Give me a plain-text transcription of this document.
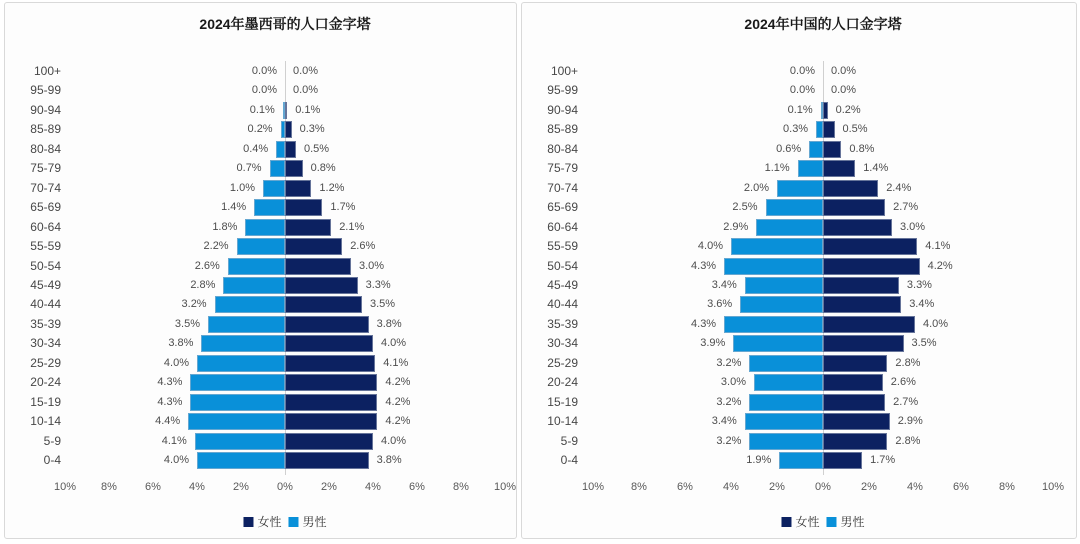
2024年墨西哥的人口金字塔
100+	0.0% 0.0%
95-99	0.0% 0.0%
90-94	0.1% 0.1%
85-89	0.2% 0.3%
80-84	0.4%	0.5%
75-79	0.7%	0.8%
70-74	1.0%	1.2%
65-69	1.4%	1.7%
60-64	1.8%	2.1%
55-59	2.2%	2.6%
50-54	2.6%	3.0%
45-49	2.8%	3.3%
40-44	3.2%	3.5%
35-39	3.5%	3.8%
30-34	3.8%	4.0%
25-29	4.0%	4.1%
20-24	4.3%	4.2%
15-19	4.3%	4.2%
10-14	4.4%	4.2%
5-9	4.1%	4.0%
0-4	4.0%	3.8%
10% 8%	6%	4%	2%	0%	2%	4%	6%	8% 10%
女性 男性
2024年中国的人口金字塔
100+	0.0% 0.0%
95-99	0.0% 0.0%
90-94	0.1% 0.2%
85-89	0.3%	0.5%
80-84	0.6%	0.8%
75-79	1.1%	1.4%
70-74	2.0%	2.4%
65-69	2.5%	2.7%
60-64	2.9%	3.0%
55-59	4.0%	4.1%
50-54	4.3%	4.2%
45-49	3.4%	3.3%
40-44	3.6%	3.4%
35-39	4.3%	4.0%
30-34	3.9%	3.5%
25-29	3.2%	2.8%
20-24	3.0%	2.6%
15-19	3.2%	2.7%
10-14	3.4%	2.9%
5-9	3.2%	2.8%
0-4	1.9%	1.7%
10% 8%	6%	4%	2%	0%	2%	4%	6%	8% 10%
女性 男性
